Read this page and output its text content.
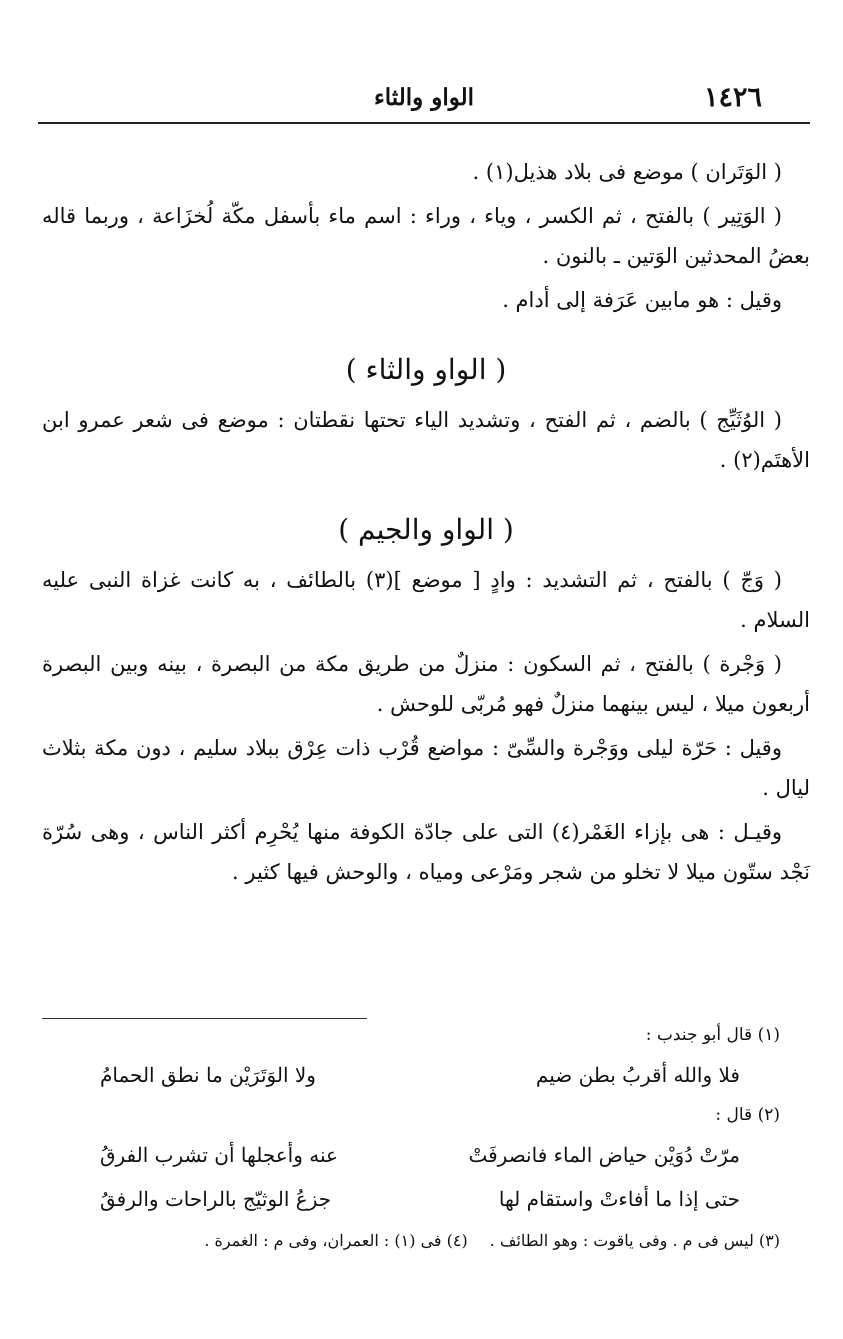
١٤٢٦
الواو والثاء

( الوَتَران ) موضع فى بلاد هذيل(١) .

( الوَتِير ) بالفتح ، ثم الكسر ، وياء ، وراء : اسم ماء بأسفل مكّة لُخزَاعة ، وربما قاله بعضُ المحدثين الوَتين ـ بالنون .

وقيل : هو مابين عَرَفة إلى أدام .

( الواو والثاء )

( الوُثَيِّج ) بالضم ، ثم الفتح ، وتشديد الياء تحتها نقطتان : موضع فى شعر عمرو ابن الأهتَم(٢) .

( الواو والجيم )

( وَجّ ) بالفتح ، ثم التشديد : وادٍ [ موضع ](٣) بالطائف ، به كانت غزاة النبى عليه السلام .

( وَجْرة ) بالفتح ، ثم السكون : منزلٌ من طريق مكة من البصرة ، بينه وبين البصرة أربعون ميلا ، ليس بينهما منزلٌ فهو مُربّى للوحش .

وقيل : حَرّة ليلى ووَجْرة والسِّىّ : مواضع قُرْب ذات عِرْق ببلاد سليم ، دون مكة بثلاث ليال .

وقيـل : هى بإزاء الغَمْر(٤) التى على جادّة الكوفة منها يُحْرِم أكثر الناس ، وهى سُرّة نَجْد ستّون ميلا لا تخلو من شجر ومَرْعى ومياه ، والوحش فيها كثير .

(١) قال أبو جندب :

فلا والله أقربُ بطن ضيم
ولا الوَتَرَيْن ما نطق الحمامُ

(٢) قال :

مرّتْ دُوَيْن حياض الماء فانصرفَتْ
عنه وأعجلها أن تشرب الفرقُ
حتى إذا ما أفاءتْ واستقام لها
جزعُ الوثيّج بالراحات والرفقُ
(٣) ليس فى م . وفى ياقوت : وهو الطائف .
(٤) فى (١) : العمران، وفى م : الغمرة .
